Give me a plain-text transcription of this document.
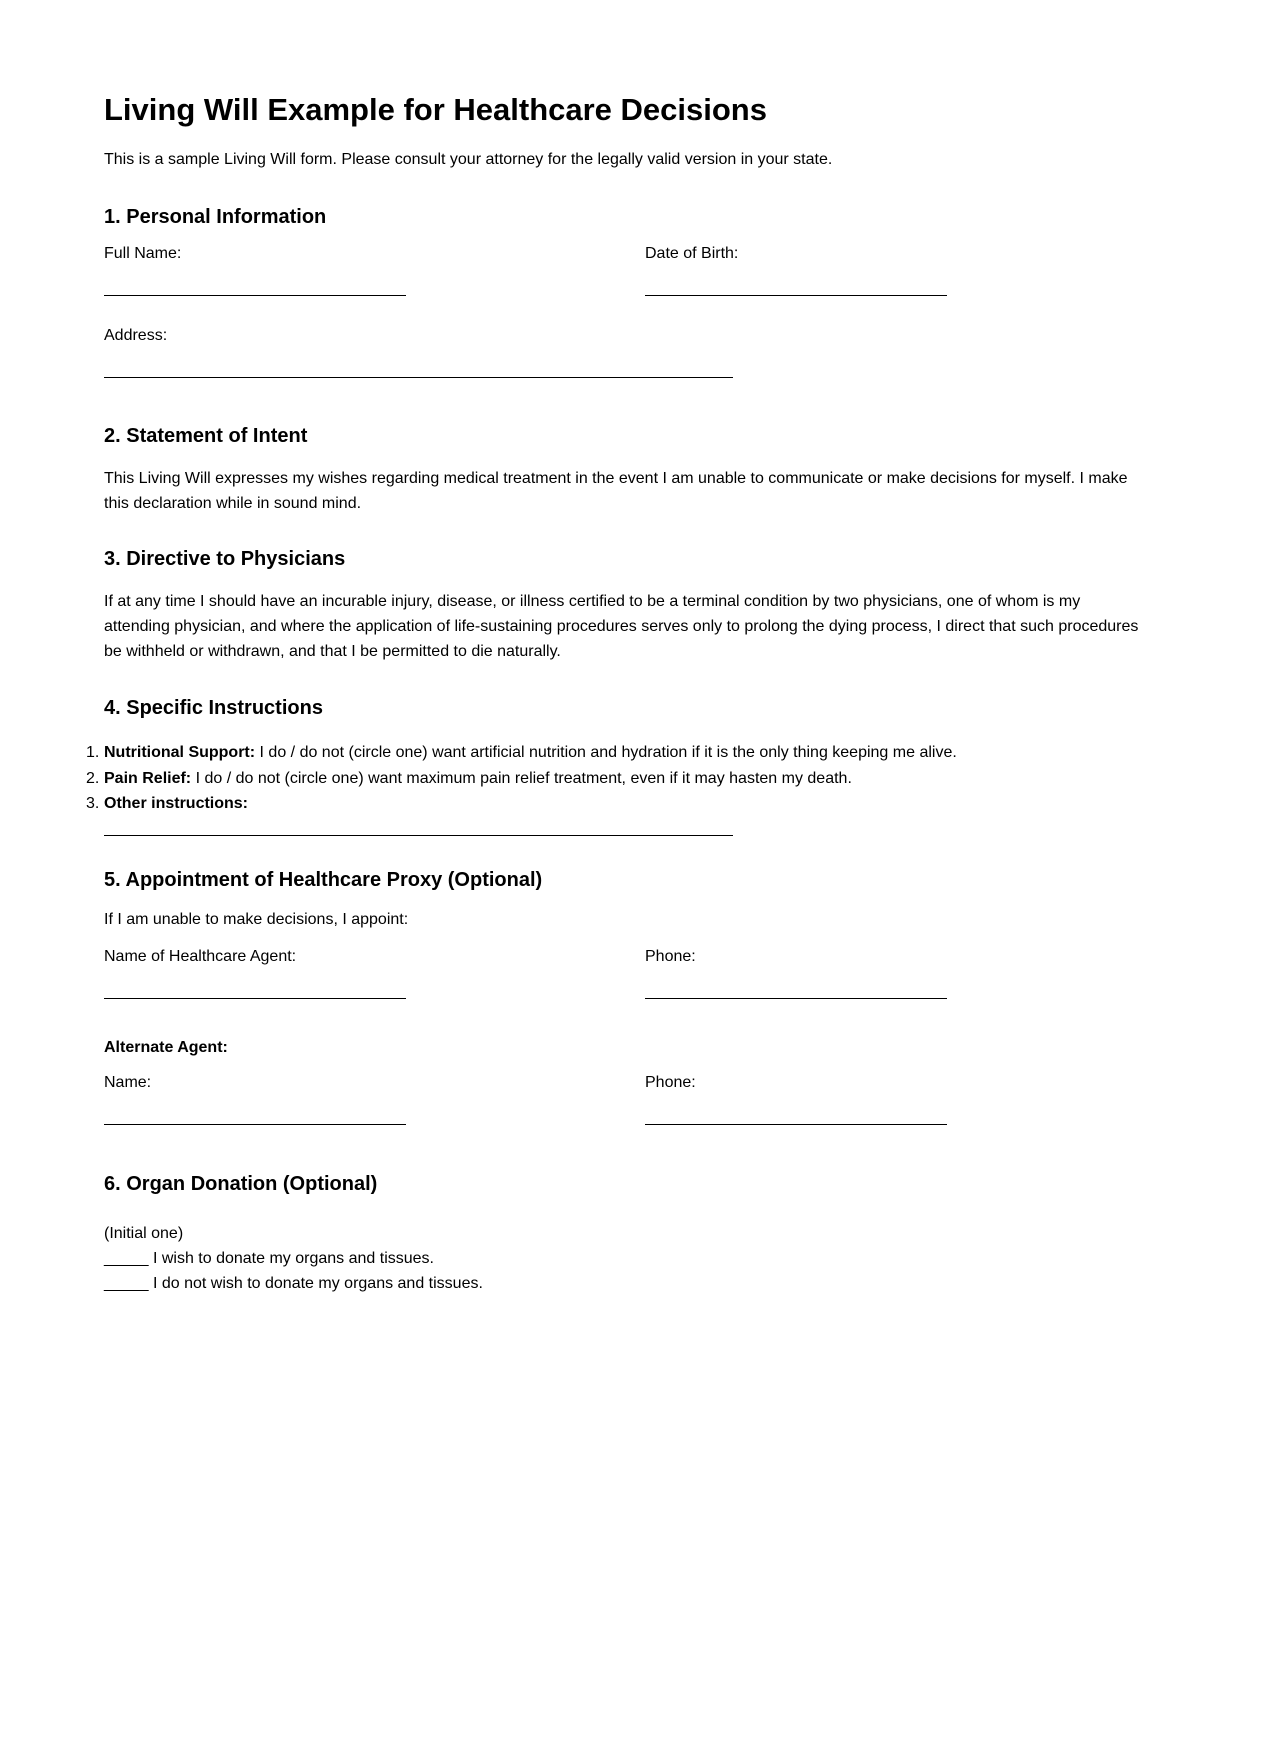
Living Will Example for Healthcare Decisions
This is a sample Living Will form. Please consult your attorney for the legally valid version in your state.
1. Personal Information
Full Name:	Date of Birth:
Address:
2. Statement of Intent

This Living Will expresses my wishes regarding medical treatment in the event I am unable to communicate or make decisions for myself. I make this declaration while in sound mind.

3. Directive to Physicians

If at any time I should have an incurable injury, disease, or illness certified to be a terminal condition by two physicians, one of whom is my attending physician, and where the application of life-sustaining procedures serves only to prolong the dying process, I direct that such procedures be withheld or withdrawn, and that I be permitted to die naturally.

4. Specific Instructions
1. Nutritional Support: I do / do not (circle one) want artificial nutrition and hydration if it is the only thing keeping me alive.
2. Pain Relief: I do / do not (circle one) want maximum pain relief treatment, even if it may hasten my death.
3. Other instructions:
5. Appointment of Healthcare Proxy (Optional)
If I am unable to make decisions, I appoint:
Name of Healthcare Agent:	Phone:
Alternate Agent:
Name:	Phone:
6. Organ Donation (Optional)
(Initial one)
_____ I wish to donate my organs and tissues.
_____ I do not wish to donate my organs and tissues.
